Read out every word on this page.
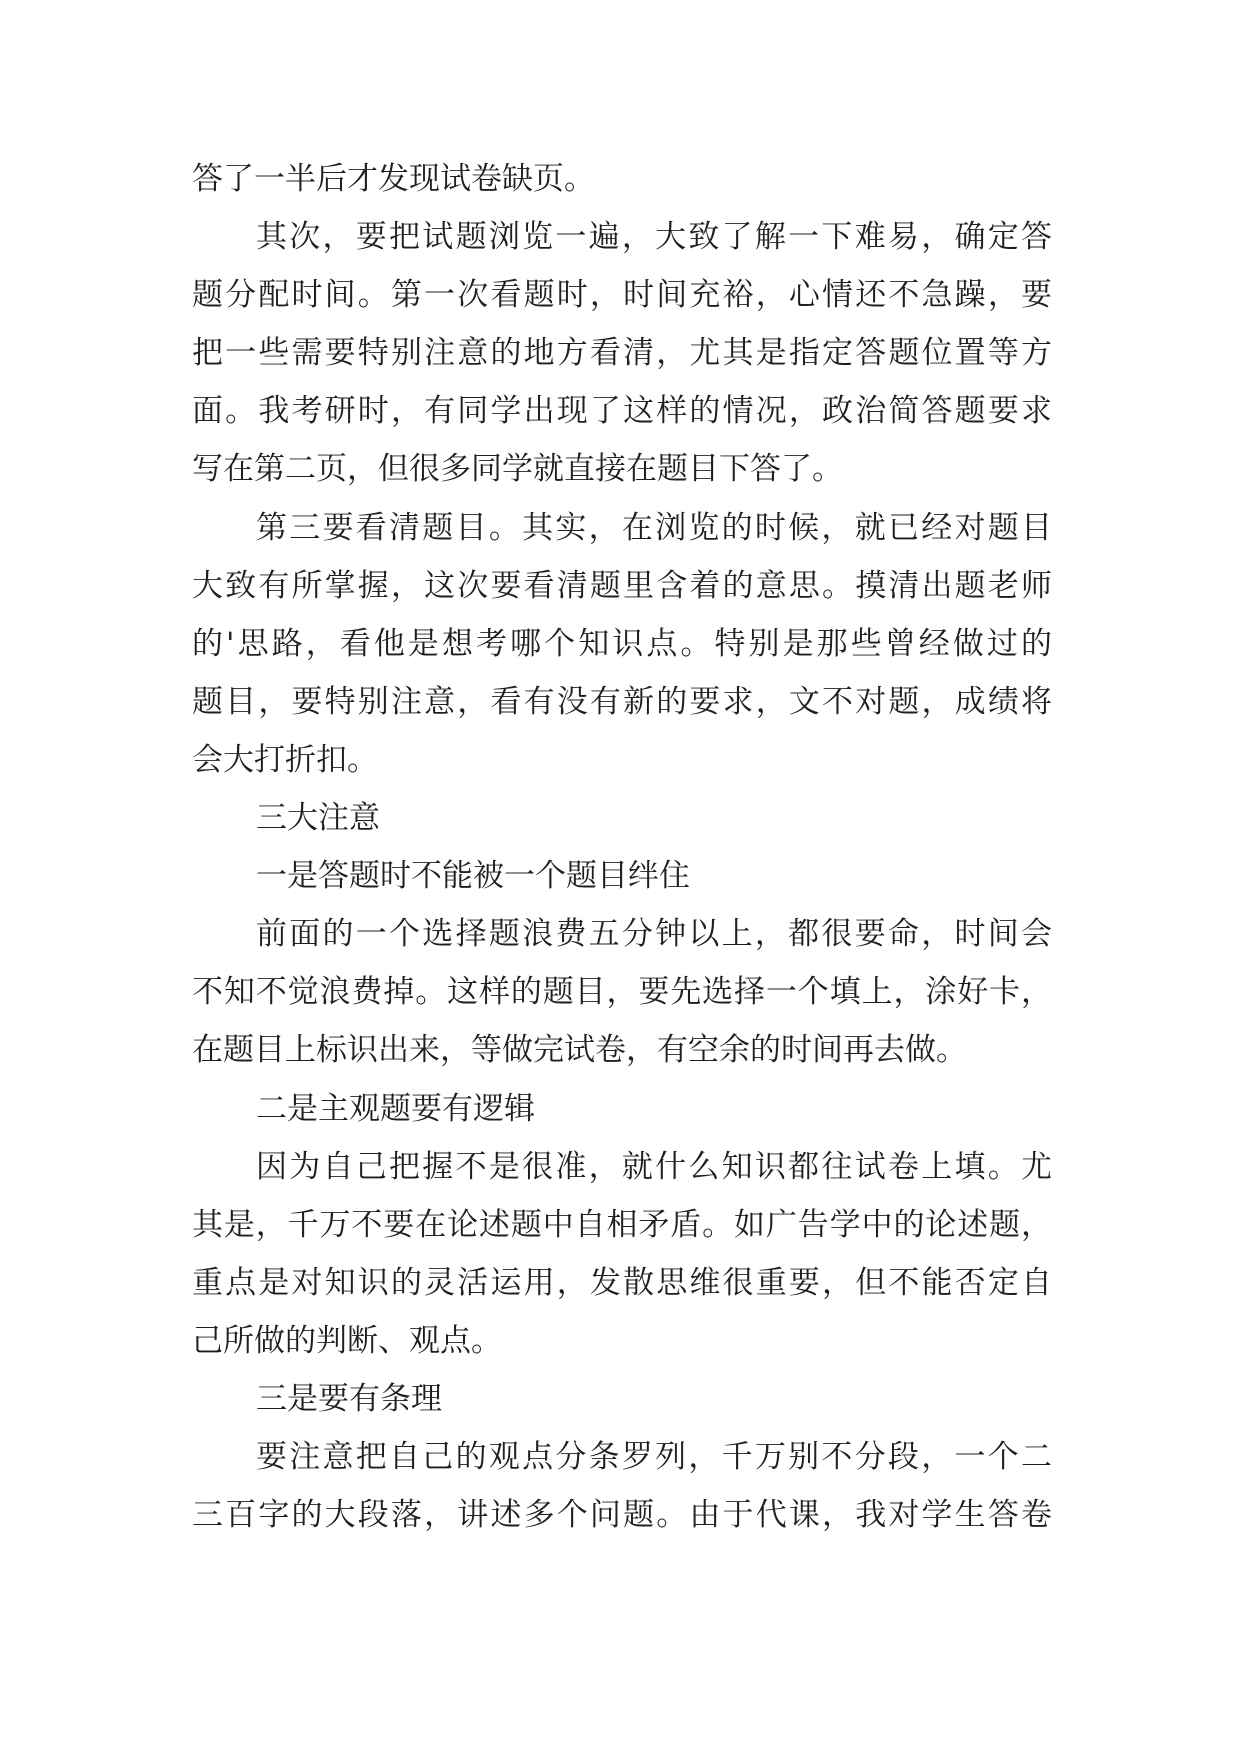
答了一半后才发现试卷缺页。
其次，要把试题浏览一遍，大致了解一下难易，确定答
题分配时间。第一次看题时，时间充裕，心情还不急躁，要
把一些需要特别注意的地方看清，尤其是指定答题位置等方
面。我考研时，有同学出现了这样的情况，政治简答题要求
写在第二页，但很多同学就直接在题目下答了。
第三要看清题目。其实，在浏览的时候，就已经对题目
大致有所掌握，这次要看清题里含着的意思。摸清出题老师
的'思路，看他是想考哪个知识点。特别是那些曾经做过的
题目，要特别注意，看有没有新的要求，文不对题，成绩将
会大打折扣。
三大注意
一是答题时不能被一个题目绊住
前面的一个选择题浪费五分钟以上，都很要命，时间会
不知不觉浪费掉。这样的题目，要先选择一个填上，涂好卡，
在题目上标识出来，等做完试卷，有空余的时间再去做。
二是主观题要有逻辑
因为自己把握不是很准，就什么知识都往试卷上填。尤
其是，千万不要在论述题中自相矛盾。如广告学中的论述题，
重点是对知识的灵活运用，发散思维很重要，但不能否定自
己所做的判断、观点。
三是要有条理
要注意把自己的观点分条罗列，千万别不分段，一个二
三百字的大段落，讲述多个问题。由于代课，我对学生答卷
